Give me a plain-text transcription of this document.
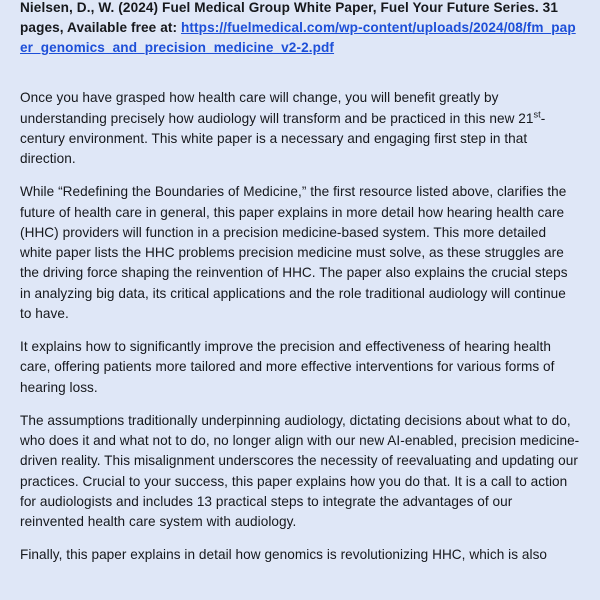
Nielsen, D., W. (2024) Fuel Medical Group White Paper, Fuel Your Future Series. 31 pages, Available free at: https://fuelmedical.com/wp-content/uploads/2024/08/fm_paper_genomics_and_precision_medicine_v2-2.pdf

Once you have grasped how health care will change, you will benefit greatly by understanding precisely how audiology will transform and be practiced in this new 21st-century environment. This white paper is a necessary and engaging first step in that direction.

While “Redefining the Boundaries of Medicine,” the first resource listed above, clarifies the future of health care in general, this paper explains in more detail how hearing health care (HHC) providers will function in a precision medicine-based system. This more detailed white paper lists the HHC problems precision medicine must solve, as these struggles are the driving force shaping the reinvention of HHC. The paper also explains the crucial steps in analyzing big data, its critical applications and the role traditional audiology will continue to have.

It explains how to significantly improve the precision and effectiveness of hearing health care, offering patients more tailored and more effective interventions for various forms of hearing loss.

The assumptions traditionally underpinning audiology, dictating decisions about what to do, who does it and what not to do, no longer align with our new AI-enabled, precision medicine-driven reality. This misalignment underscores the necessity of reevaluating and updating our practices. Crucial to your success, this paper explains how you do that. It is a call to action for audiologists and includes 13 practical steps to integrate the advantages of our reinvented health care system with audiology.

Finally, this paper explains in detail how genomics is revolutionizing HHC, which is also
